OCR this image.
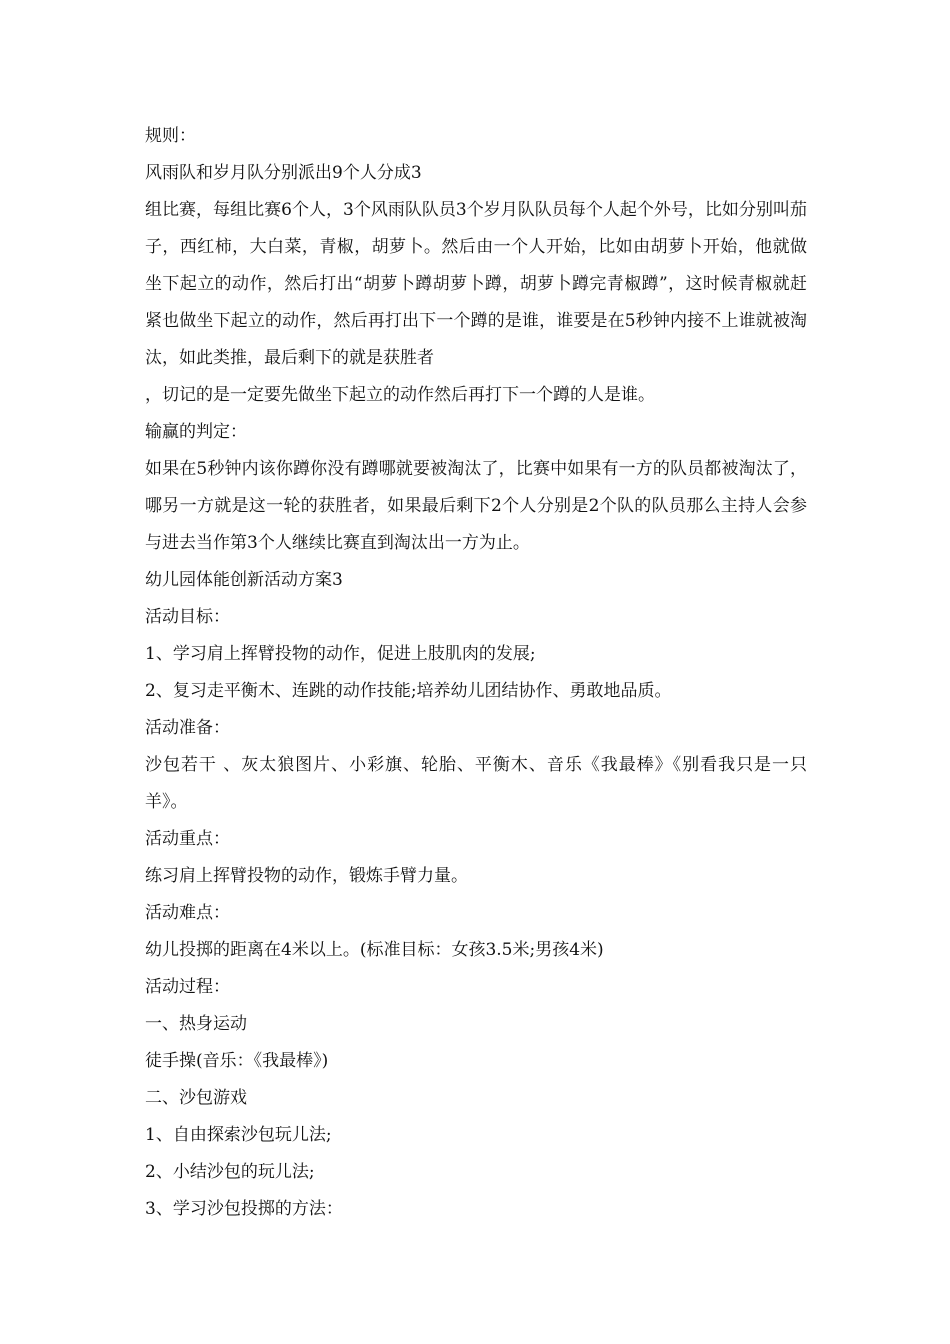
规则：

风雨队和岁月队分别派出9个人分成3

组比赛，每组比赛6个人，3个风雨队队员3个岁月队队员每个人起个外号，比如分别叫茄子，西红柿，大白菜，青椒，胡萝卜。然后由一个人开始，比如由胡萝卜开始，他就做坐下起立的动作，然后打出“胡萝卜蹲胡萝卜蹲，胡萝卜蹲完青椒蹲”，这时候青椒就赶紧也做坐下起立的动作，然后再打出下一个蹲的是谁，谁要是在5秒钟内接不上谁就被淘汰，如此类推，最后剩下的就是获胜者

，切记的是一定要先做坐下起立的动作然后再打下一个蹲的人是谁。

输赢的判定：

如果在5秒钟内该你蹲你没有蹲哪就要被淘汰了，比赛中如果有一方的队员都被淘汰了，哪另一方就是这一轮的获胜者，如果最后剩下2个人分别是2个队的队员那么主持人会参与进去当作第3个人继续比赛直到淘汰出一方为止。

幼儿园体能创新活动方案3

活动目标：

1、学习肩上挥臂投物的动作，促进上肢肌肉的发展;

2、复习走平衡木、连跳的动作技能;培养幼儿团结协作、勇敢地品质。

活动准备：

沙包若干 、灰太狼图片、小彩旗、轮胎、平衡木、音乐《我最棒》《别看我只是一只羊》。

活动重点：

练习肩上挥臂投物的动作，锻炼手臂力量。

活动难点：

幼儿投掷的距离在4米以上。(标准目标：女孩3.5米;男孩4米)

活动过程：

一、热身运动

徒手操(音乐：《我最棒》)

二、沙包游戏

1、自由探索沙包玩儿法;

2、小结沙包的玩儿法;

3、学习沙包投掷的方法：
